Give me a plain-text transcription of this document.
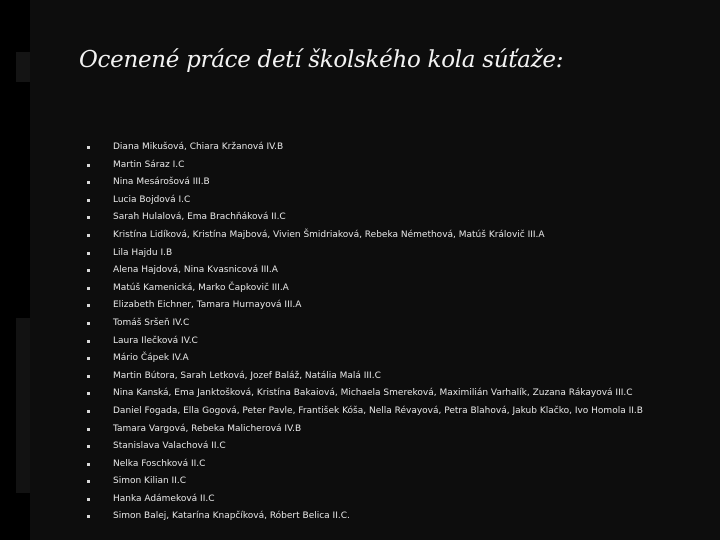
Ocenené práce detí školského kola súťaže:
Diana Mikušová, Chiara Kržanová IV.B
Martin Sáraz I.C
Nina Mesárošová III.B
Lucia Bojdová I.C
Sarah Hulalová, Ema Brachňáková II.C
Kristína Lidíková, Kristína Majbová, Vivien Šmidriaková, Rebeka Némethová, Matúš Královič III.A
Lila Hajdu I.B
Alena Hajdová, Nina Kvasnicová III.A
Matúš Kamenická, Marko Čapkovič III.A
Elizabeth Eichner, Tamara Hurnayová III.A
Tomáš Sršeň IV.C
Laura Ilečková IV.C
Mário Čápek IV.A
Martin Bútora, Sarah Letková, Jozef Baláž, Natália Malá III.C
Nina Kanská, Ema Janktošková, Kristína Bakaiová, Michaela Smereková, Maximilián Varhalík, Zuzana Rákayová III.C
Daniel Fogada, Ella Gogová, Peter Pavle, František Kóša, Nella Révayová, Petra Blahová, Jakub Klačko, Ivo Homola II.B
Tamara Vargová, Rebeka Malicherová IV.B
Stanislava Valachová II.C
Nelka Foschková II.C
Simon Kilian II.C
Hanka Adámeková II.C
Simon Balej, Katarína Knapčíková, Róbert Belica II.C.
